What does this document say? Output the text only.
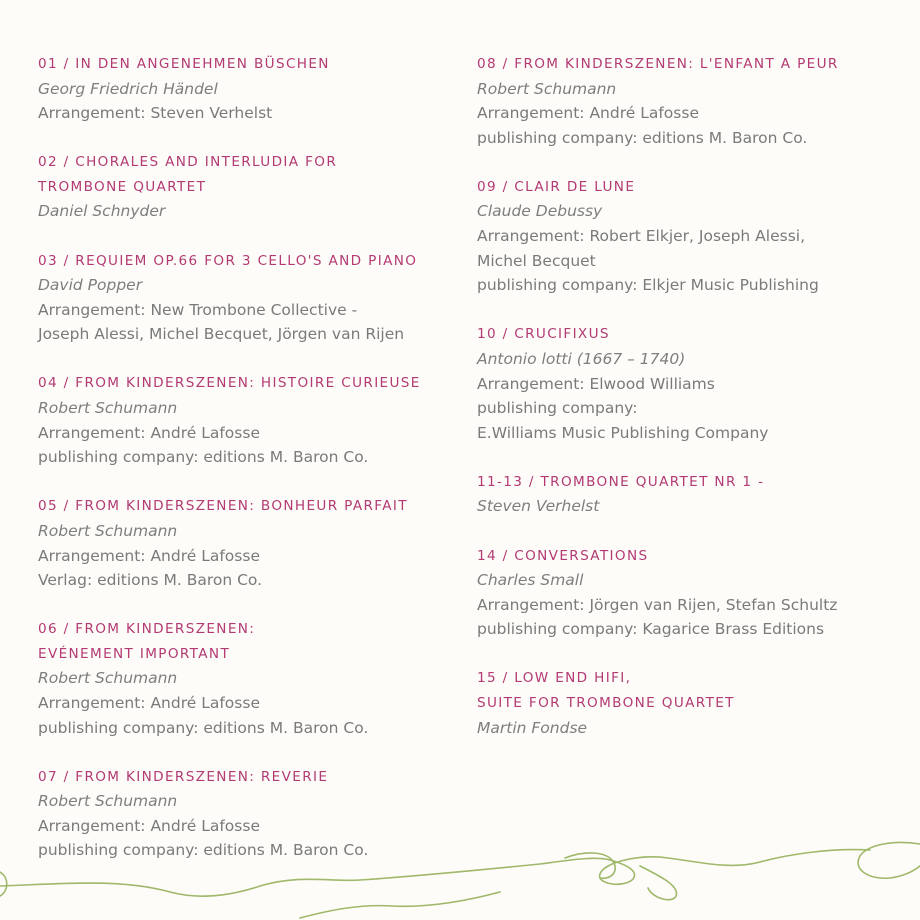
01 / IN DEN ANGENEHMEN BÜSCHEN
Georg Friedrich Händel
Arrangement: Steven Verhelst
02 / CHORALES AND INTERLUDIA FOR
TROMBONE QUARTET
Daniel Schnyder
03 / REQUIEM OP.66 FOR 3 CELLO'S AND PIANO
David Popper
Arrangement: New Trombone Collective -
Joseph Alessi, Michel Becquet, Jörgen van Rijen
04 / FROM KINDERSZENEN: HISTOIRE CURIEUSE
Robert Schumann
Arrangement: André Lafosse
publishing company: editions M. Baron Co.
05 / FROM KINDERSZENEN: BONHEUR PARFAIT
Robert Schumann
Arrangement: André Lafosse
Verlag: editions M. Baron Co.
06 / FROM KINDERSZENEN:
EVÉNEMENT IMPORTANT
Robert Schumann
Arrangement: André Lafosse
publishing company: editions M. Baron Co.
07 / FROM KINDERSZENEN: REVERIE
Robert Schumann
Arrangement: André Lafosse
publishing company: editions M. Baron Co.
08 / FROM KINDERSZENEN: L'ENFANT A PEUR
Robert Schumann
Arrangement: André Lafosse
publishing company: editions M. Baron Co.
09 / CLAIR DE LUNE
Claude Debussy
Arrangement: Robert Elkjer, Joseph Alessi,
Michel Becquet
publishing company: Elkjer Music Publishing
10 / CRUCIFIXUS
Antonio lotti (1667 – 1740)
Arrangement: Elwood Williams
publishing company:
E.Williams Music Publishing Company
11-13 / TROMBONE QUARTET NR 1 -
Steven Verhelst
14 / CONVERSATIONS
Charles Small
Arrangement: Jörgen van Rijen, Stefan Schultz
publishing company: Kagarice Brass Editions
15 / LOW END HIFI,
SUITE FOR TROMBONE QUARTET
Martin Fondse
